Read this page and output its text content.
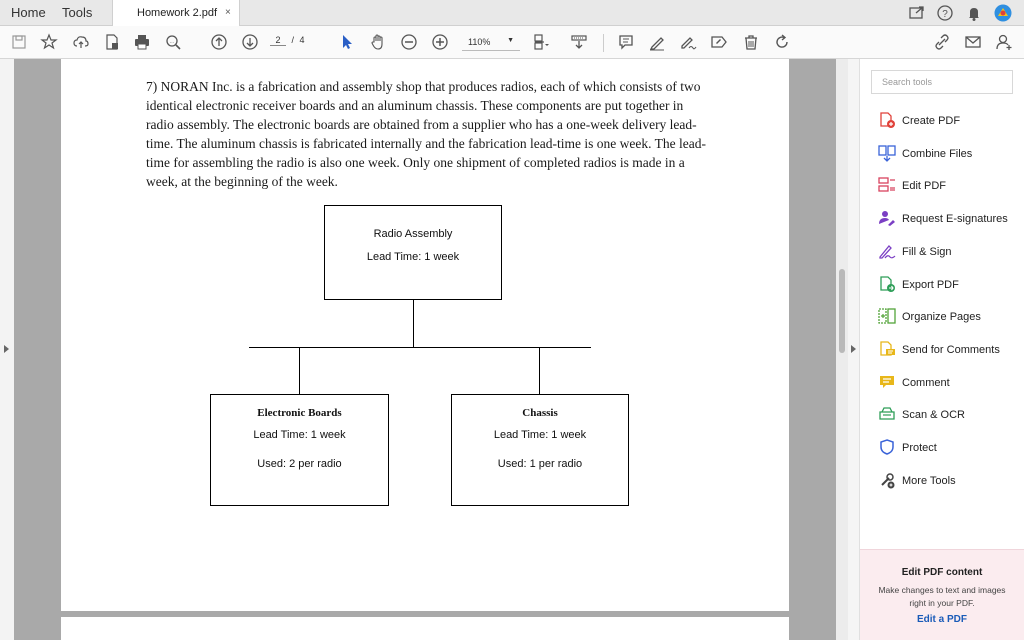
Home Tools	Homework 2.pdf ×	?
...	2 / 4	110% ▼

7) NORAN Inc. is a fabrication and assembly shop that produces radios, each of which consists of two identical electronic receiver boards and an aluminum chassis. These components are put together in radio assembly. The electronic boards are obtained from a supplier who has a one-week delivery lead-time. The aluminum chassis is fabricated internally and the fabrication lead-time is one week. The lead-time for assembling the radio is also one week. Only one shipment of completed radios is made in a week, at the beginning of the week.

Radio Assembly
Lead Time: 1 week
Electronic Boards
Lead Time: 1 week
Used: 2 per radio
Chassis
Lead Time: 1 week
Used: 1 per radio
Search tools
Create PDF
Combine Files
Edit PDF
Request E-signatures
Fill & Sign
Export PDF
Organize Pages
Send for Comments
Comment
Scan & OCR
Protect
More Tools
Edit PDF content
Make changes to text and images right in your PDF.
Edit a PDF
